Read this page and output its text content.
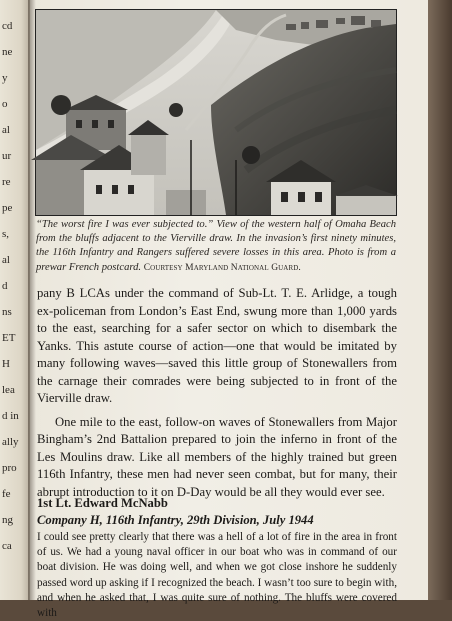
cd
ne
y
o
al
ur
re
pe
s,
al
d
ns
ET
H
lea
d in
ally
pro
fe
ng
ca
“The worst fire I was ever subjected to.” View of the western half of Omaha Beach from the bluffs adjacent to the Vierville draw. In the invasion’s first ninety minutes, the 116th Infantry and Rangers suffered severe losses in this area. Photo is from a prewar French postcard. Courtesy Maryland National Guard.

pany B LCAs under the command of Sub-Lt. T. E. Arlidge, a tough ex-policeman from London’s East End, swung more than 1,000 yards to the east, searching for a safer sector on which to disembark the Yanks. This astute course of action—one that would be imitated by many following waves—saved this little group of Stonewallers from the carnage their comrades were being subjected to in front of the Vierville draw.

One mile to the east, follow-on waves of Stonewallers from Major Bingham’s 2nd Battalion prepared to join the inferno in front of the Les Moulins draw. Like all members of the highly trained but green 116th Infantry, these men had never seen combat, but for many, their abrupt introduction to it on D-Day would be all they would ever see.

1st Lt. Edward McNabb
Company H, 116th Infantry, 29th Division, July 1944

I could see pretty clearly that there was a hell of a lot of fire in the area in front of us. We had a young naval officer in our boat who was in command of our boat division. He was doing well, and when we got close inshore he suddenly passed word up asking if I recognized the beach. I wasn’t too sure to begin with, and when he asked that, I was quite sure of nothing. The bluffs were covered with
